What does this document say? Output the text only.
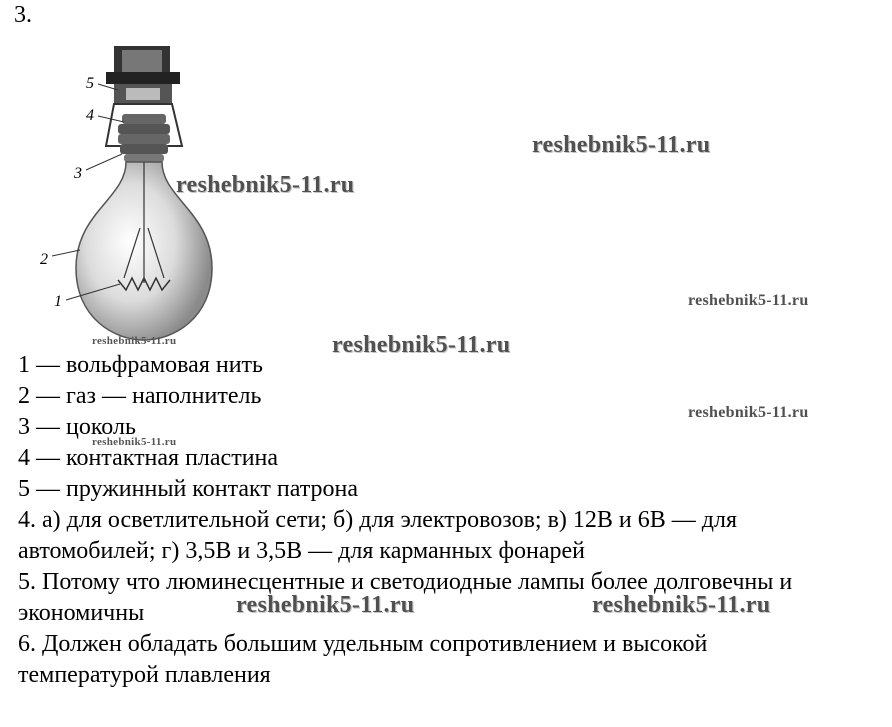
3.
5
4
3
2
1
1 — вольфрамовая нить
2 — газ — наполнитель
3 — цоколь
4 — контактная пластина
5 — пружинный контакт патрона
4. а) для осветлительной сети; б) для электровозов; в) 12В и 6В — для
автомобилей; г) 3,5В и 3,5В — для карманных фонарей
5. Потому что люминесцентные и светодиодные лампы более долговечны и
экономичны
6. Должен обладать большим удельным сопротивлением и высокой
температурой плавления
reshebnik5-11.ru
reshebnik5-11.ru
reshebnik5-11.ru
reshebnik5-11.ru	reshebnik5-11.ru
reshebnik5-11.ru
reshebnik5-11.ru
reshebnik5-11.ru	reshebnik5-11.ru
